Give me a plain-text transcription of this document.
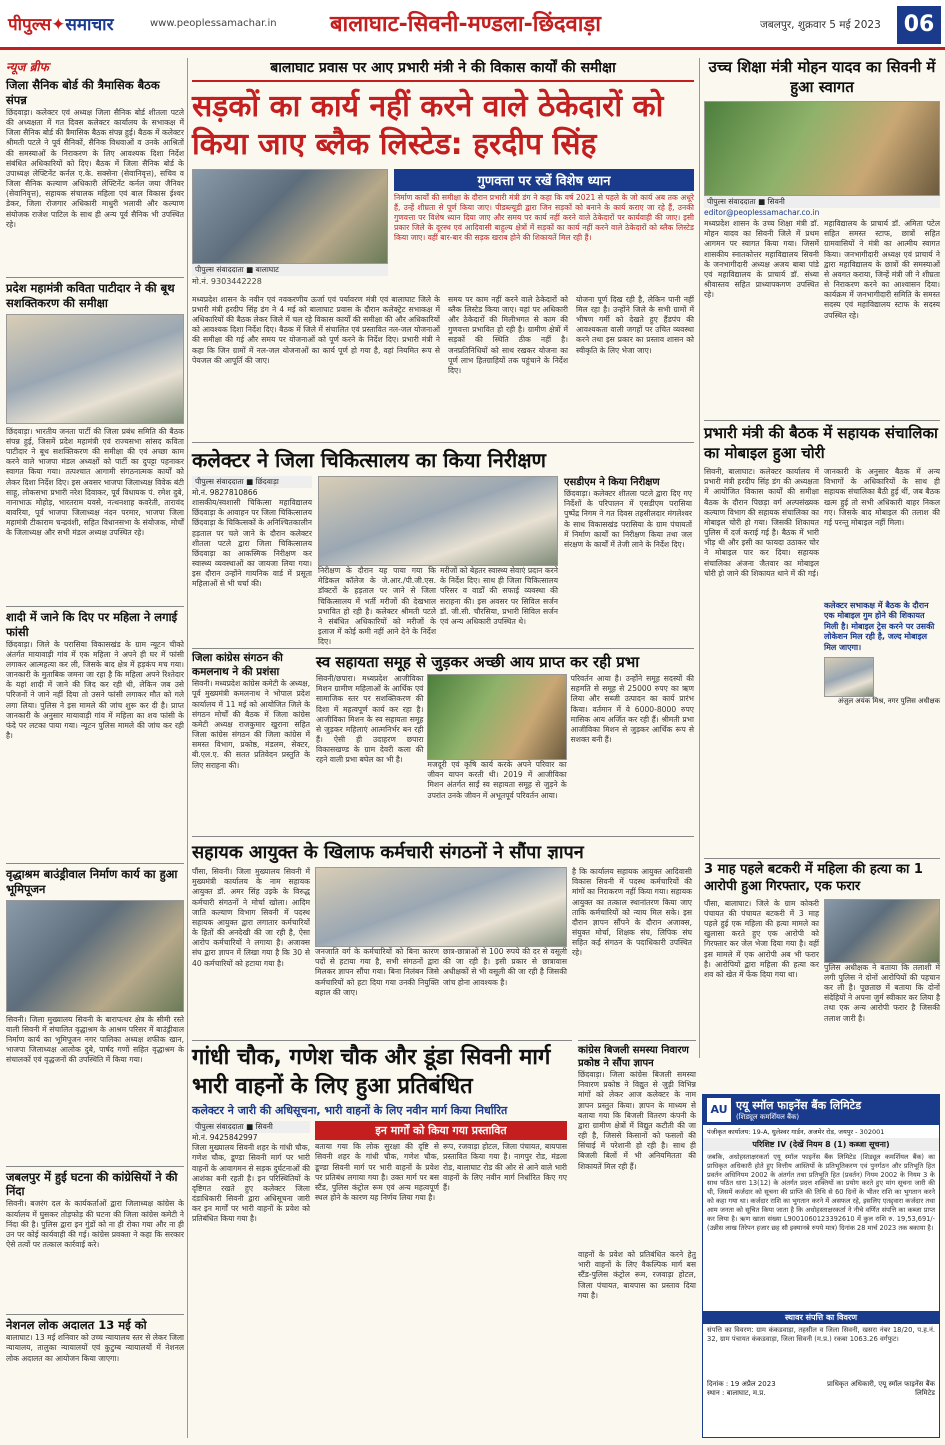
पीपुल्स✦समाचार	www.peoplessamachar.in बालाघाट-सिवनी-मण्डला-छिंदवाड़ा	जबलपुर, शुक्रवार 5 मई 2023	06
न्यूज ब्रीफ
जिला सैनिक बोर्ड की त्रैमासिक बैठक संपन्न
छिंदवाड़ा। कलेक्टर एवं अध्यक्ष जिला सैनिक बोर्ड शीतला पटले की अध्यक्षता में गत दिवस कलेक्टर कार्यालय के सभाकक्ष में जिला सैनिक बोर्ड की त्रैमासिक बैठक संपन्न हुई। बैठक में कलेक्टर श्रीमती पटले ने पूर्व सैनिकों, सैनिक विधवाओं व उनके आश्रितों की समस्याओं के निराकरण के लिए आवश्यक दिशा निर्देश संबंधित अधिकारियों को दिए। बैठक में जिला सैनिक बोर्ड के उपाध्यक्ष लेफ्टिनेंट कर्नल ए.के. सक्सेना (सेवानिवृत्त), सचिव व जिला सैनिक कल्याण अधिकारी लेफ्टिनेंट कर्नल जया जैनिवर (सेवानिवृत्त), सहायक संचालक महिला एवं बाल विकास ईश्वर डेकर, जिला रोजगार अधिकारी माधुरी भलावी और कल्याण संयोजक राजेश पाटिल के साथ ही अन्य पूर्व सैनिक भी उपस्थित रहे।
प्रदेश महामंत्री कविता पाटीदार ने की बूथ सशक्तिकरण की समीक्षा
छिंदवाड़ा। भारतीय जनता पार्टी की जिला प्रबंध समिति की बैठक संपन्न हुई, जिसमें प्रदेश महामंत्री एवं राज्यसभा सांसद कविता पाटीदार ने बूथ सशक्तिकरण की समीक्षा की एवं अच्छा काम करने वाले भाजपा मंडल अध्यक्षों को पार्टी का दुपट्टा पहनाकर स्वागत किया गया। तत्पश्चात आगामी संगठनात्मक कार्यों को लेकर दिशा निर्देश दिए। इस अवसर भाजपा जिलाध्यक्ष विवेक बंटी साहू, लोकसभा प्रभारी नरेश दिवाकर, पूर्व विधायक पं. रमेश दुबे, नानाभाऊ मोहोड़, भारतराम यवसे, नत्थनशाह कवरेती, तारावंद बावरिया, पूर्व भाजपा जिलाध्यक्ष नंदन परमार, भाजपा जिला महामंत्री टीकाराम चन्द्रवंशी, सहित विधानसभा के संयोजक, मोर्चों के जिलाध्यक्ष और सभी मंडल अध्यक्ष उपस्थित रहे।
शादी में जाने कि दिए पर महिला ने लगाई फांसी
छिंदवाड़ा। जिले के परासिया विकासखंड के ग्राम न्यूटन चीको अंतर्गत मायावाड़ी गांव में एक महिला ने अपने ही घर में फांसी लगाकर आत्महत्या कर ली, जिसके बाद क्षेत्र में हड़कंप मच गया। जानकारी के मुताबिक जमना जा रहा है कि महिला अपने रिश्तेदार के यहां शादी में जाने की जिद कर रही थी, लेकिन जब उसे परिजनों ने जाने नहीं दिया तो उसने फांसी लगाकर मौत को गले लगा लिया। पुलिस ने इस मामले की जांच शुरू कर दी है। प्राप्त जानकारी के अनुसार मायावाड़ी गांव में महिला का शव फांसी के फंदे पर लटका पाया गया। न्यूटन पुलिस मामले की जांच कर रही है।
वृद्धाश्रम बाउंड्रीवाल निर्माण कार्य का हुआ भूमिपूजन
सिवनी। जिला मुख्यालय सिवनी के बारापत्थर क्षेत्र के सीमी रस्ते वाली सिवनी में संचालित वृद्धाश्रम के आश्रम परिसर में बाउंड्रीवाल निर्माण कार्य का भूमिपूजन नगर पालिका अध्यक्ष शफीक खान, भाजपा जिलाध्यक्ष आलोक दुबे, पार्षद गणों सहित वृद्धाश्रम के संचालकों एवं वृद्धजनों की उपस्थिति में किया गया।
जबलपुर में हुई घटना की कांग्रेसियों ने की निंदा
सिवनी। बजरंग दल के कार्यकर्ताओं द्वारा जिलाध्यक्ष कांग्रेस के कार्यालय में घुसकर तोड़फोड़ की घटना की जिला कांग्रेस कमेटी ने निंदा की है। पुलिस द्वारा इन गुंडों को ना ही रोका गया और ना ही उन पर कोई कार्यवाही की गई। कांग्रेस प्रवक्ता ने कहा कि सरकार ऐसे तत्वों पर तत्काल कार्रवाई करे।
नेशनल लोक अदालत 13 मई को
बालाघाट। 13 मई शनिवार को उच्च न्यायालय स्तर से लेकर जिला न्यायालय, तालुका न्यायालयों एवं कुटुम्ब न्यायालयों में नेशनल लोक अदालत का आयोजन किया जाएगा।
बालाघाट प्रवास पर आए प्रभारी मंत्री ने की विकास कार्यों की समीक्षा
सड़कों का कार्य नहीं करने वाले ठेकेदारों को किया जाए ब्लैक लिस्टेड: हरदीप सिंह
पीपुल्स संवाददाता ■ बालाघाट
मो.नं. 9303442228
गुणवत्ता पर रखें विशेष ध्यान
निर्माण कार्यों की समीक्षा के दौरान प्रभारी मंत्री डंग ने कहा कि वर्ष 2021 से पहले के जो कार्य अब तक अधूरे हैं, उन्हें शीघ्रता से पूर्ण किया जाए। पीडब्ल्यूडी द्वारा जिन सड़कों को बनाने के कार्य कराए जा रहे हैं, उनकी गुणवत्ता पर विशेष ध्यान दिया जाए और समय पर कार्य नहीं करने वाले ठेकेदारों पर कार्यवाही की जाए। इसी प्रकार जिले के दूरस्थ एवं आदिवासी बाहुल्य क्षेत्रों में सड़कों का कार्य नहीं करने वाले ठेकेदारों को ब्लैक लिस्टेड किया जाए। वहीं बार-बार की सड़क खराब होने की शिकायतें मिल रही हैं।
मध्यप्रदेश शासन के नवीन एवं नवकरणीय ऊर्जा एवं पर्यावरण मंत्री एवं बालाघाट जिले के प्रभारी मंत्री हरदीप सिंह डंग ने 4 मई को बालाघाट प्रवास के दौरान कलेक्ट्रेट सभाकक्ष में अधिकारियों की बैठक लेकर जिले में चल रहे विकास कार्यों की समीक्षा की और अधिकारियों को आवश्यक दिशा निर्देश दिए। बैठक में जिले में संचालित एवं प्रस्तावित नल-जल योजनाओं की समीक्षा की गई और समय पर योजनाओं को पूर्ण करने के निर्देश दिए। प्रभारी मंत्री ने कहा कि जिन ग्रामों में नल-जल योजनाओं का कार्य पूर्ण हो गया है, वहां नियमित रूप से पेयजल की आपूर्ति की जाए।
समय पर काम नहीं करने वाले ठेकेदारों को ब्लैक लिस्टेड किया जाए। यहां पर अधिकारी और ठेकेदारों की मिलीभगत से काम की गुणवत्ता प्रभावित हो रही है। ग्रामीण क्षेत्रों में सड़कों की स्थिति ठीक नहीं है। जनप्रतिनिधियों को साथ रखकर योजना का पूर्ण लाभ हितग्राहियों तक पहुंचाने के निर्देश दिए।
योजना पूर्ण दिख रही है, लेकिन पानी नहीं मिल रहा है। उन्होंने जिले के सभी ग्रामों में भीषण गर्मी को देखते हुए हैंडपंप की आवश्यकता वाली जगहों पर उचित व्यवस्था करने तथा इस प्रकार का प्रस्ताव शासन को स्वीकृति के लिए भेजा जाए।
उच्च शिक्षा मंत्री मोहन यादव का सिवनी में हुआ स्वागत
पीपुल्स संवाददाता ■ सिवनी
editor@peoplessamachar.co.in
मध्यप्रदेश शासन के उच्च शिक्षा मंत्री डॉ. मोहन यादव का सिवनी जिले में प्रथम आगमन पर स्वागत किया गया। जिसमें शासकीय स्नातकोत्तर महाविद्यालय सिवनी के जनभागीदारी अध्यक्ष अजय बाबा पांडे एवं महाविद्यालय के प्राचार्य डॉ. संध्या श्रीवास्तव सहित प्राध्यापकगण उपस्थित रहे।
महाविद्यालय के प्राचार्य डॉ. अमिता पटेल सहित समस्त स्टाफ, छात्रों सहित ग्रामवासियों ने मंत्री का आत्मीय स्वागत किया। जनभागीदारी अध्यक्ष एवं प्राचार्य ने द्वारा महाविद्यालय के छात्रों की समस्याओं से अवगत कराया, जिन्हें मंत्री जी ने शीघ्रता से निराकरण करने का आश्वासन दिया। कार्यक्रम में जनभागीदारी समिति के समस्त सदस्य एवं महाविद्यालय स्टाफ के सदस्य उपस्थित रहे।
प्रभारी मंत्री की बैठक में सहायक संचालिका का मोबाइल हुआ चोरी
सिवनी, बालाघाट। कलेक्टर कार्यालय में प्रभारी मंत्री हरदीप सिंह डंग की अध्यक्षता में आयोजित विकास कार्यों की समीक्षा बैठक के दौरान पिछड़ा वर्ग अल्पसंख्यक कल्याण विभाग की सहायक संचालिका का मोबाइल चोरी हो गया। जिसकी शिकायत पुलिस में दर्ज कराई गई है। बैठक में भारी भीड़ थी और इसी का फायदा उठाकर चोर ने मोबाइल पार कर दिया। सहायक संचालिका अंजना जैतवार का मोबाइल चोरी हो जाने की शिकायत थाने में की गई।
जानकारी के अनुसार बैठक में अन्य विभागों के अधिकारियों के साथ ही सहायक संचालिका बैठी हुई थीं, जब बैठक खत्म हुई तो सभी अधिकारी बाहर निकल गए। जिसके बाद मोबाइल की तलाश की गई परन्तु मोबाइल नहीं मिला।
कलेक्टर सभाकक्ष में बैठक के दौरान एक मोबाइल गुम होने की शिकायत मिली है। मोबाइल ट्रेस करने पर उसकी लोकेशन मिल रही है, जल्द मोबाइल मिल जाएगा।
अंजुल अयंक मिश्र, नगर पुलिस अधीक्षक
3 माह पहले बटकरी में महिला की हत्या का 1 आरोपी हुआ गिरफ्तार, एक फरार
पौंसा, बालाघाट। जिले के ग्राम कोकरी पंचायत की पंचायत बटकरी में 3 माह पहले हुई एक महिला की हत्या मामले का खुलासा करते हुए एक आरोपी को गिरफ्तार कर जेल भेजा दिया गया है। वहीं इस मामले में एक आरोपी अब भी फरार है। आरोपियों द्वारा महिला की हत्या कर शव को खेत में फेंक दिया गया था।
पुलिस अधीक्षक ने बताया कि तलाशी में लगी पुलिस ने दोनों आरोपियों की पहचान कर ली है। पूछताछ में बताया कि दोनों संदेहियों ने अपना जुर्म स्वीकार कर लिया है तथा एक अन्य आरोपी फरार है जिसकी तलाश जारी है।
कलेक्टर ने जिला चिकित्सालय का किया निरीक्षण
पीपुल्स संवाददाता ■ छिंदवाड़ा
मो.नं. 9827810866
शासकीय/स्वशासी चिकित्सा महाविद्यालय छिंदवाड़ा के आवाहन पर जिला चिकित्सालय छिंदवाड़ा के चिकित्सकों के अनिश्चितकालीन हड़ताल पर चले जाने के दौरान कलेक्टर शीतला पटले द्वारा जिला चिकित्सालय छिंदवाड़ा का आकस्मिक निरीक्षण कर स्वास्थ्य व्यवस्थाओं का जायजा लिया गया। इस दौरान उन्होंने गायनिक वार्ड में प्रसूता महिलाओं से भी चर्चा की।
निरीक्षण के दौरान यह पाया गया कि मेडिकल कॉलेज के जे.आर./पी.जी.एस. डॉक्टरों के हड़ताल पर जाने से जिला चिकित्सालय में भर्ती मरीजों की देखभाल प्रभावित हो रही है। कलेक्टर श्रीमती पटले ने संबंधित अधिकारियों को मरीजों के इलाज में कोई कमी नहीं आने देने के निर्देश दिए।
मरीजों को बेहतर स्वास्थ्य सेवाएं प्रदान करने के निर्देश दिए। साथ ही जिला चिकित्सालय परिसर व वार्डों की सफाई व्यवस्था की सराहना की। इस अवसर पर सिविल सर्जन डॉ. जी.सी. चौरसिया, प्रभारी सिविल सर्जन एवं अन्य अधिकारी उपस्थित थे।
एसडीएम ने किया निरीक्षण
छिंदवाड़ा। कलेक्टर शीतला पटले द्वारा दिए गए निर्देशों के परिपालन में एसडीएम परासिया पुष्पेंद्र निगम ने गत दिवस तहसीलदार मंगलेश्वर के साथ विकासखंड परासिया के ग्राम पंचायतों में निर्माण कार्यों का निरीक्षण किया तथा जल संरक्षण के कार्यों में तेजी लाने के निर्देश दिए।
जिला कांग्रेस संगठन की कमलनाथ ने की प्रशंसा
सिवनी। मध्यप्रदेश कांग्रेस कमेटी के अध्यक्ष, पूर्व मुख्यमंत्री कमलनाथ ने भोपाल प्रदेश कार्यालय में 11 मई को आयोजित जिले के संगठन मोर्चों की बैठक में जिला कांग्रेस कमेटी अध्यक्ष राजकुमार खुराना सहित जिला कांग्रेस संगठन की जिला कांग्रेस में समस्त विभाग, प्रकोष्ठ, मंडलम, सेक्टर, बी.एल.ए. की सतत प्रतिवेदन प्रस्तुति के लिए सराहना की।
स्व सहायता समूह से जुड़कर अच्छी आय प्राप्त कर रही प्रभा
सिवनी/छपारा। मध्यप्रदेश आजीविका मिशन ग्रामीण महिलाओं के आर्थिक एवं सामाजिक स्तर पर सशक्तिकरण की दिशा में महत्वपूर्ण कार्य कर रहा है। आजीविका मिशन के स्व सहायता समूह से जुड़कर महिलाएं आत्मनिर्भर बन रही हैं। ऐसी ही उदाहरण छपारा विकासखण्ड के ग्राम देवरी कला की रहने वाली प्रभा बघेल का भी है।
मजदूरी एवं कृषि कार्य करके अपने परिवार का जीवन यापन करती थी। 2019 में आजीविका मिशन अंतर्गत साईं स्व सहायता समूह से जुड़ने के उपरांत उनके जीवन में अभूतपूर्व परिवर्तन आया।
परिवर्तन आया है। उन्होंने समूह सदस्यों की सहमति से समूह से 25000 रुपए का ऋण लिया और सब्जी उत्पादन का कार्य प्रारंभ किया। वर्तमान में वे 6000-8000 रुपए मासिक आय अर्जित कर रही हैं। श्रीमती प्रभा आजीविका मिशन से जुड़कर आर्थिक रूप से सशक्त बनी हैं।
सहायक आयुक्त के खिलाफ कर्मचारी संगठनों ने सौंपा ज्ञापन
पौंसा, सिवनी। जिला मुख्यालय सिवनी में मुख्यमंत्री कार्यालय के नाम सहायक आयुक्त डॉ. अमर सिंह उइके के विरुद्ध कर्मचारी संगठनों ने मोर्चा खोला। आदिम जाति कल्याण विभाग सिवनी में पदस्थ सहायक आयुक्त द्वारा लगातार कर्मचारियों के हितों की अनदेखी की जा रही है, ऐसा आरोप कर्मचारियों ने लगाया है। अजाक्स संघ द्वारा ज्ञापन में लिखा गया है कि 30 से 40 कर्मचारियों को हटाया गया है।
जनजाति वर्ग के कर्मचारियों को बिना कारण पदों से हटाया गया है, सभी संगठनों द्वारा मिलकर ज्ञापन सौंपा गया। बिना निलंबन जिसे कर्मचारियों को हटा दिया गया उनकी नियुक्ति बहाल की जाए।
छात्र-छात्राओं से 100 रुपये की दर से वसूली की जा रही है। इसी प्रकार से छात्रावास अधीक्षकों से भी वसूली की जा रही है जिसकी जांच होना आवश्यक है।
है कि कार्यालय सहायक आयुक्त आदिवासी विकास सिवनी में पदस्थ कर्मचारियों की मांगों का निराकरण नहीं किया गया। सहायक आयुक्त का तत्काल स्थानांतरण किया जाए ताकि कर्मचारियों को न्याय मिल सके। इस दौरान ज्ञापन सौंपने के दौरान अजाक्स, संयुक्त मोर्चा, शिक्षक संघ, लिपिक संघ सहित कई संगठन के पदाधिकारी उपस्थित रहे।
गांधी चौक, गणेश चौक और डूंडा सिवनी मार्ग भारी वाहनों के लिए हुआ प्रतिबंधित
कलेक्टर ने जारी की अधिसूचना, भारी वाहनों के लिए नवीन मार्ग किया निर्धारित
पीपुल्स संवाददाता ■ सिवनी
मो.नं. 9425842997
जिला मुख्यालय सिवनी शहर के गांधी चौक, गणेश चौक, डूण्डा सिवनी मार्ग पर भारी वाहनों के आवागमन से सड़क दुर्घटनाओं की आशंका बनी रहती है। इन परिस्थितियों के दृष्टिगत रखते हुए कलेक्टर जिला दंडाधिकारी सिवनी द्वारा अधिसूचना जारी कर इन मार्गों पर भारी वाहनों के प्रवेश को प्रतिबंधित किया गया है।
इन मार्गों को किया गया प्रस्तावित
बताया गया कि लोक सुरक्षा की दृष्टि से सिवनी शहर के गांधी चौक, गणेश चौक, डूण्डा सिवनी मार्ग पर भारी वाहनों के प्रवेश पर प्रतिबंध लगाया गया है। उक्त मार्ग पर बस स्टैंड, पुलिस कंट्रोल रूम एवं अन्य महत्वपूर्ण स्थल होने के कारण यह निर्णय लिया गया है।
रूप, रजवाड़ा होटल, जिला पंचायत, बायपास प्रस्तावित किया गया है। नागपुर रोड, मंडला रोड, बालाघाट रोड की ओर से आने वाले भारी वाहनों के लिए नवीन मार्ग निर्धारित किए गए हैं।
कांग्रेस बिजली समस्या निवारण प्रकोष्ठ ने सौंपा ज्ञापन
छिंदवाड़ा। जिला कांग्रेस बिजली समस्या निवारण प्रकोष्ठ ने विद्युत से जुड़ी विभिन्न मांगों को लेकर आज कलेक्टर के नाम ज्ञापन प्रस्तुत किया। ज्ञापन के माध्यम से बताया गया कि बिजली वितरण कंपनी के द्वारा ग्रामीण क्षेत्रों में विद्युत कटौती की जा रही है, जिससे किसानों को फसलों की सिंचाई में परेशानी हो रही है। साथ ही बिजली बिलों में भी अनियमितता की शिकायतें मिल रही हैं।
वाहनों के प्रवेश को प्रतिबंधित करने हेतु भारी वाहनों के लिए वैकल्पिक मार्ग बस स्टैंड-पुलिस कंट्रोल रूम, रजवाड़ा होटल, जिला पंचायत, बायपास का प्रस्ताव दिया गया है।
AU एयू स्मॉल फाइनेंस बैंक लिमिटेड
(शिड्यूल कमर्शियल बैंक)
पंजीकृत कार्यालय: 19-A, धुलेश्वर गार्डन, अजमेर रोड, जयपुर - 302001
परिशिष्ट IV (देखें नियम 8 (1) कब्जा सूचना)
जबकि, अधोहस्ताक्षरकर्ता एयू स्मॉल फाइनेंस बैंक लिमिटेड (शिड्यूल कमर्शियल बैंक) का प्राधिकृत अधिकारी होते हुए वित्तीय आस्तियों के प्रतिभूतिकरण एवं पुनर्गठन और प्रतिभूति हित प्रवर्तन अधिनियम 2002 के अंतर्गत तथा प्रतिभूति हित (प्रवर्तन) नियम 2002 के नियम 3 के साथ पठित धारा 13(12) के अंतर्गत प्रदत्त शक्तियों का प्रयोग करते हुए मांग सूचना जारी की थी, जिसमें कर्जदार को सूचना की प्राप्ति की तिथि से 60 दिनों के भीतर राशि का भुगतान करने को कहा गया था। कर्जदार राशि का भुगतान करने में असफल रहे, इसलिए एतद्द्वारा कर्जदार तथा आम जनता को सूचित किया जाता है कि अधोहस्ताक्षरकर्ता ने नीचे वर्णित संपत्ति का कब्जा प्राप्त कर लिया है। ऋण खाता संख्या L9001060123392610 में कुल राशि रु. 19,53,691/- (उन्नीस लाख तिरेपन हजार छह सौ इक्यानबे रुपये मात्र) दिनांक 28 मार्च 2023 तक बकाया है।
स्थावर संपत्ति का विवरण
संपत्ति का विवरण: ग्राम कंकडवाड़ा, तहसील व जिला सिवनी, खसरा नंबर 18/20, प.ह.नं. 32, ग्राम पंचायत कंकडवाड़ा, जिला सिवनी (म.प्र.) रकबा 1063.26 वर्गफुट।
दिनांक : 19 अप्रैल 2023
स्थान : बालाघाट, म.प्र.
प्राधिकृत अधिकारी, एयू स्मॉल फाइनेंस बैंक लिमिटेड
